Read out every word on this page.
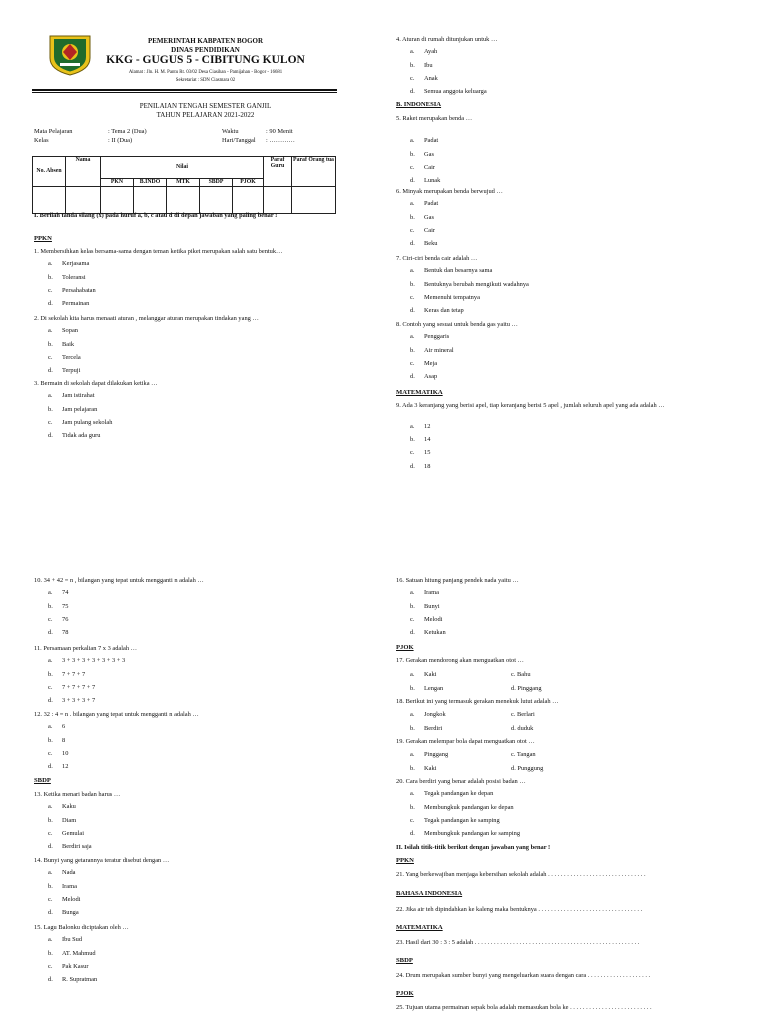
PEMERINTAH KABPATEN BOGOR
DINAS PENDIDIKAN
KKG - GUGUS 5 - CIBITUNG KULON
Alamat : Jln. H. M. Pantu Rt. 03/02 Desa Ciasihan - Pamijahan - Bogor - 16681
Sekretariat : SDN Ciasmara 02
PENILAIAN TENGAH SEMESTER GANJIL
TAHUN PELAJARAN 2021-2022
Mata Pelajaran	: Tema 2 (Dua)
Kelas	: II (Dua)
Waktu	: 90 Menit
Hari/Tanggal : …………
No. Absen	Nama	Nilai					Paraf Guru	Paraf Orang tua
		PKN	B.INDO	MTK	SBDP	PJOK		

I. Berilah tanda silang (x) pada huruf a, b, c atau d di depan jawaban yang paling benar !
PPKN
1. Membersihkan kelas bersama-sama dengan teman ketika piket merupakan salah satu bentuk…
a. Kerjasama
b. Toleransi
c. Persahabatan
d. Permainan
2. Di sekolah kita harus menaati aturan , melanggar aturan merupakan tindakan yang …
a. Sopan
b. Baik
c. Tercela
d. Terpuji
3. Bermain di sekolah dapat dilakukan ketika …
a. Jam istirahat
b. Jam pelajaran
c. Jam pulang sekolah
d. Tidak ada guru
4. Aturan di rumah ditunjukan untuk …
a. Ayah
b. Ibu
c. Anak
d. Semua anggota keluarga
B. INDONESIA
5. Raket merupakan benda …
a. Padat
b. Gas
c. Cair
d. Lunak
6. Minyak merupakan benda berwujud …
a. Padat
b. Gas
c. Cair
d. Beku
7. Ciri-ciri benda cair adalah …
a. Bentuk dan besarnya sama
b. Bentuknya berubah mengikuti wadahnya
c. Memenuhi tempatnya
d. Keras dan tetap
8. Contoh yang sesuai untuk benda gas yaitu …
a. Penggaris
b. Air mineral
c. Meja
d. Asap
MATEMATIKA
9. Ada 3 keranjang yang berisi apel, tiap keranjang berisi 5 apel , jumlah seluruh apel yang ada adalah …
a. 12
b. 14
c. 15
d. 18
10. 34 + 42 = n , bilangan yang tepat untuk mengganti n adalah …
a. 74
b. 75
c. 76
d. 78
11. Persamaan perkalian 7 x 3 adalah …
a. 3 + 3 + 3 + 3 + 3 + 3 + 3
b. 7 + 7 + 7
c. 7 + 7 + 7 + 7
d. 3 + 3 + 3 + 7
12. 32 : 4 = n . bilangan yang tepat untuk mengganti n adalah …
a. 6
b. 8
c. 10
d. 12
SBDP
13. Ketika menari badan harus …
a. Kaku
b. Diam
c. Gemulai
d. Berdiri saja
14. Bunyi yang getarannya teratur disebut dengan …
a. Nada
b. Irama
c. Melodi
d. Bunga
15. Lagu Balonku diciptakan oleh …
a. Ibu Sud
b. AT. Mahmud
c. Pak Kasur
d. R. Supratman
16. Satuan hitung panjang pendek nada yaitu …
a. Irama
b. Bunyi
c. Melodi
d. Ketukan
PJOK
17. Gerakan mendorong akan menguatkan otot …
a. Kaki
b. Lengan
c. Bahu
d. Pinggang
18. Berikut ini yang termasuk gerakan menekuk lutut adalah …
a. Jongkok
b. Berdiri
c. Berlari
d. duduk
19. Gerakan melempar bola dapat menguatkan otot …
a. Pinggang
b. Kaki
c. Tangan
d. Punggung
20. Cara berdiri yang benar adalah posisi badan …
a. Tegak pandangan ke depan
b. Membungkuk pandangan ke depan
c. Tegak pandangan ke samping
d. Membungkuk pandangan ke samping
II. Isilah titik-titik berikut dengan jawaban yang benar !
PPKN
21. Yang berkewajiban menjaga kebersihan sekolah adalah . . . . . . . . . . . . . . . . . . . . . . . . . . . . . . .
BAHASA INDONESIA
22. Jika air teh dipindahkan ke kaleng maka bentuknya . . . . . . . . . . . . . . . . . . . . . . . . . . . . . . . . .
MATEMATIKA
23. Hasil dari 30 : 3 : 5 adalah . . . . . . . . . . . . . . . . . . . . . . . . . . . . . . . . . . . . . . . . . . . . . . . . . . . .
SBDP
24. Drum merupakan sumber bunyi yang mengeluarkan suara dengan cara . . . . . . . . . . . . . . . . . . . .
PJOK
25. Tujuan utama permainan sepak bola adalah memasukan bola ke . . . . . . . . . . . . . . . . . . . . . . . . . .
